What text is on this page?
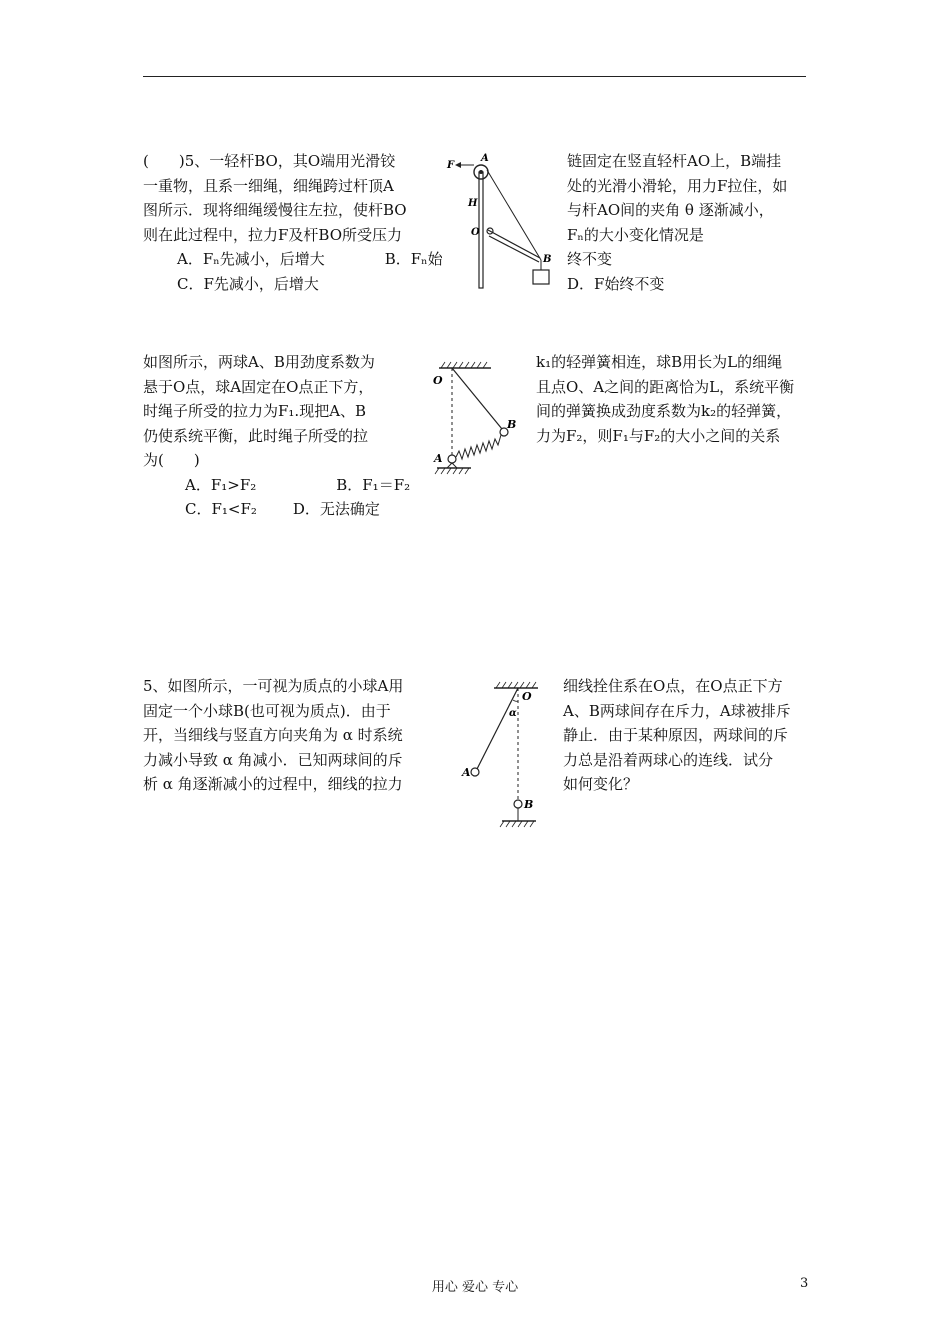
(　　)5、一轻杆BO，其O端用光滑铰
一重物，且系一细绳，细绳跨过杆顶A
图所示．现将细绳缓慢往左拉，使杆BO
则在此过程中，拉力F及杆BO所受压力
A．Fₙ先减小，后增大	B．Fₙ始
C．F先减小，后增大
F
A
H
O
B
链固定在竖直轻杆AO上，B端挂
处的光滑小滑轮，用力F拉住，如
与杆AO间的夹角 θ 逐渐减小，
Fₙ的大小变化情况是
终不变
D．F始终不变
如图所示，两球A、B用劲度系数为
悬于O点，球A固定在O点正下方，
时绳子所受的拉力为F₁.现把A、B
仍使系统平衡，此时绳子所受的拉
为(　　)
A．F₁>F₂	B．F₁＝F₂
C．F₁<F₂ D．无法确定
O
B
A
k₁的轻弹簧相连，球B用长为L的细绳
且点O、A之间的距离恰为L，系统平衡
间的弹簧换成劲度系数为k₂的轻弹簧，
力为F₂，则F₁与F₂的大小之间的关系
5、如图所示，一可视为质点的小球A用
固定一个小球B(也可视为质点)．由于
开，当细线与竖直方向夹角为 α 时系统
力减小导致 α 角减小．已知两球间的斥
析 α 角逐渐减小的过程中，细线的拉力
O
α
A
B
细线拴住系在O点，在O点正下方
A、B两球间存在斥力，A球被排斥
静止．由于某种原因，两球间的斥
力总是沿着两球心的连线．试分
如何变化？
用心 爱心 专心	3
